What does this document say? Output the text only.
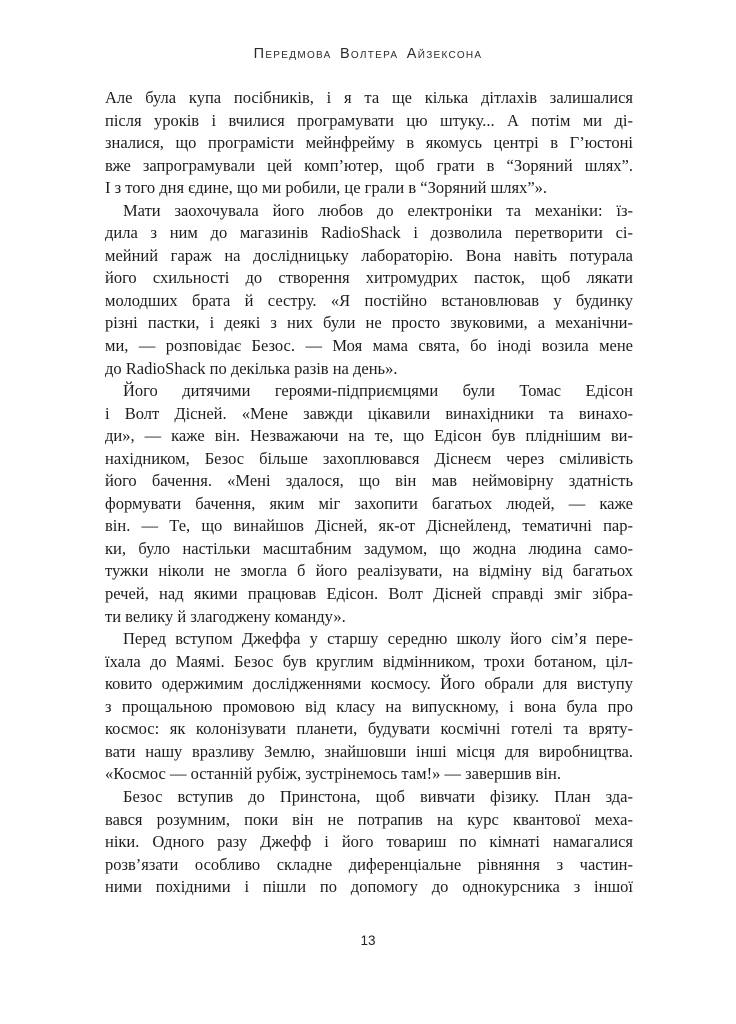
Передмова Волтера Айзексона
Але була купа посібників, і я та ще кілька дітлахів залишалися
після уроків і вчилися програмувати цю штуку... А потім ми ді-
зналися, що програмісти мейнфрейму в якомусь центрі в Г’юстоні
вже запрограмували цей комп’ютер, щоб грати в “Зоряний шлях”.
І з того дня єдине, що ми робили, це грали в “Зоряний шлях”».
Мати заохочувала його любов до електроніки та механіки: їз-
дила з ним до магазинів RadioShack і дозволила перетворити сі-
мейний гараж на дослідницьку лабораторію. Вона навіть потурала
його схильності до створення хитромудрих пасток, щоб лякати
молодших брата й сестру. «Я постійно встановлював у будинку
різні пастки, і деякі з них були не просто звуковими, а механічни-
ми, — розповідає Безос. — Моя мама свята, бо іноді возила мене
до RadioShack по декілька разів на день».
Його дитячими героями-підприємцями були Томас Едісон
і Волт Дісней. «Мене завжди цікавили винахідники та винахо-
ди», — каже він. Незважаючи на те, що Едісон був пліднішим ви-
нахідником, Безос більше захоплювався Діснеєм через сміливість
його бачення. «Мені здалося, що він мав неймовірну здатність
формувати бачення, яким міг захопити багатьох людей, — каже
він. — Те, що винайшов Дісней, як-от Діснейленд, тематичні пар-
ки, було настільки масштабним задумом, що жодна людина само-
тужки ніколи не змогла б його реалізувати, на відміну від багатьох
речей, над якими працював Едісон. Волт Дісней справді зміг зібра-
ти велику й злагоджену команду».
Перед вступом Джеффа у старшу середню школу його сім’я пере-
їхала до Маямі. Безос був круглим відмінником, трохи ботаном, ціл-
ковито одержимим дослідженнями космосу. Його обрали для виступу
з прощальною промовою від класу на випускному, і вона була про
космос: як колонізувати планети, будувати космічні готелі та вряту-
вати нашу вразливу Землю, знайшовши інші місця для виробництва.
«Космос — останній рубіж, зустрінемось там!» — завершив він.
Безос вступив до Принстона, щоб вивчати фізику. План зда-
вався розумним, поки він не потрапив на курс квантової меха-
ніки. Одного разу Джефф і його товариш по кімнаті намагалися
розв’язати особливо складне диференціальне рівняння з частин-
ними похідними і пішли по допомогу до однокурсника з іншої
13
